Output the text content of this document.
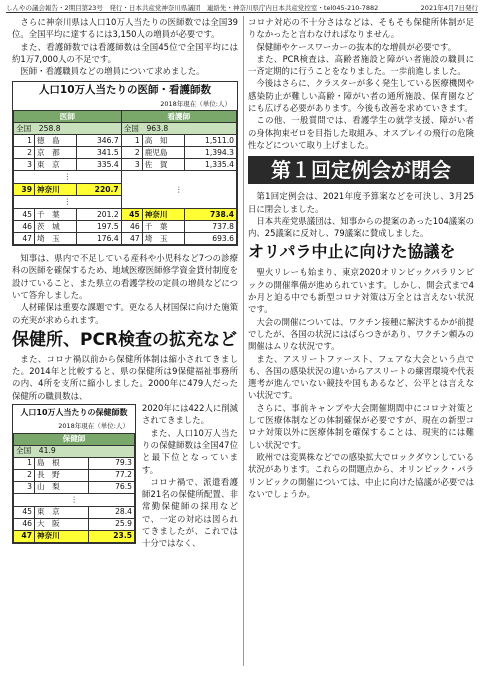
しんやの議会報告・2期目第23号　発行・日本共産党神奈川県議団　連絡先・神奈川県庁内日本共産党控室・tel045-210-7882	2021年4月7日発行

さらに神奈川県は人口10万人当たりの医師数では全国39位。全国平均に達するには3,150人の増員が必要です。

また、看護師数では看護師数は全国45位で全国平均には約1万7,000人の不足です。

医師・看護職員などの増員について求めました。

人口10万人当たりの医師・看護師数
2018年現在（単位:人）
医師			看護師		
全国　 258.8			全国　 963.8		
1	徳　島	346.7	1	高　知	1,511.0
2	京　都	341.5	2	鹿児島	1,394.3
3	東　京	335.4	3	佐　賀	1,335.4
⋮			⋮		
39	神奈川	220.7			
⋮					
45	千　葉	201.2	45	神奈川	738.4
46	茨　城	197.5	46	千　葉	737.8
47	埼　玉	176.4	47	埼　玉	693.6

知事は、県内で不足している産科や小児科など7つの診療科の医師を確保するため、地域医療医師修学資金貸付制度を設けていること、また県立の看護学校の定員の増員などについて答弁しました。

人材確保は重要な課題です。更なる人材国保に向けた施策の充実が求められます。

保健所、PCR検査の拡充など

また、コロナ禍以前から保健所体制は縮小されてきました。2014年と比較すると、県の保健所は9保健福祉事務所の内、4所を支所に縮小しました。2000年に479人だった保健所の職員数は、

人口10万人当たりの保健師数
2018年現在（単位:人）
保健師		
全国　 41.9		
1	島　根	79.3
2	長　野	77.2
3	山　梨	76.5
⋮		
45	東　京	28.4
46	大　阪	25.9
47	神奈川	23.5

2020年には422人に削減されてきました。

また、人口10万人当たりの保健師数は全国47位と最下位となっています。

コロナ禍で、派遣看護師21名の保健所配置、非常勤保健師の採用などで、一定の対応は図られてきましたが、これでは十分ではなく、

コロナ対応の不十分さはなどは、そもそも保健所体制が足りなかったと言わなければなりません。

保健師やケースワーカーの抜本的な増員が必要です。

また、PCR検査は、高齢者施設と障がい者施設の職員に一斉定期的に行うことをなりました。一歩前進しました。

今後はさらに、クラスターが多く発生している医療機関や感染防止が難しい高齢・障がい者の通所施設、保育園などにも広げる必要があります。今後も改善を求めていきます。

この他、一般質問では、看護学生の就学支援、障がい者の身体拘束ゼロを目指した取組み、オスプレイの飛行の危険性などについて取り上げました。

第１回定例会が閉会

第1回定例会は、2021年度予算案などを可決し、3月25日に閉会しました。

日本共産党県議団は、知事からの提案のあった104議案の内、25議案に反対し、79議案に賛成しました。

オリパラ中止に向けた協議を

聖火リレーも始まり、東京2020オリンピックパラリンピックの開催準備が進められています。しかし、開会式まで4か月と迫る中でも新型コロナ対策は万全とは言えない状況です。

大会の開催については、ワクチン接種に解決するかが前提でしたが、各国の状況にはばらつきがあり、ワクチン頼みの開催はムリな状況です。

また、アスリートファースト、フェアな大会という点でも、各国の感染状況の違いからアスリートの練習環境や代表選考が進んでいない競技や国もあるなど、公平とは言えない状況です。

さらに、事前キャンプや大会開催期間中にコロナ対策として医療体制などの体制確保が必要ですが、現在の新型コロナ対策以外に医療体制を確保することは、現実的には難しい状況です。

欧州では変異株などでの感染拡大でロックダウンしている状況があります。これらの問題点から、オリンピック・パラリンピックの開催については、中止に向けた協議が必要ではないでしょうか。
